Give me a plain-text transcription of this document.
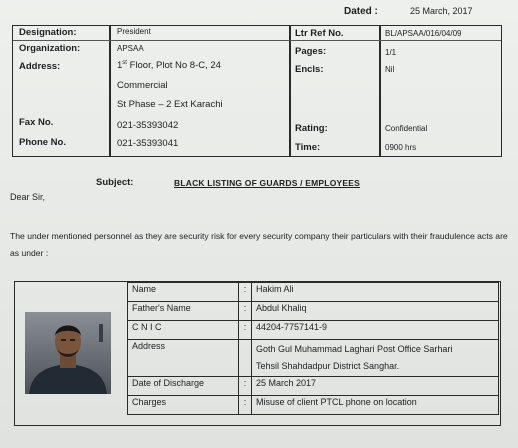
Dated :	25 March, 2017
Designation:	President
Organization:	APSAA
Address:	1st Floor, Plot No 8-C, 24
Commercial
St Phase – 2 Ext Karachi
Fax No.	021-35393042
Phone No.	021-35393041
Ltr Ref No.	BL/APSAA/016/04/09
Pages:	1/1
Encls:	Nil
Rating:	Confidential
Time:	0900 hrs
Subject:	BLACK LISTING OF GUARDS / EMPLOYEES
Dear Sir,
The under mentioned personnel as they are security risk for every security company their particulars with their fraudulence acts are as under :
Name	:	Hakim Ali
Father's Name	:	Abdul Khaliq
C N I C	:	44204-7757141-9
Address		Goth Gul Muhammad Laghari Post Office Sarhari
Tehsil Shahdadpur District Sanghar.

Date of Discharge	:	25 March 2017
Charges	:	Misuse of client PTCL phone on location
